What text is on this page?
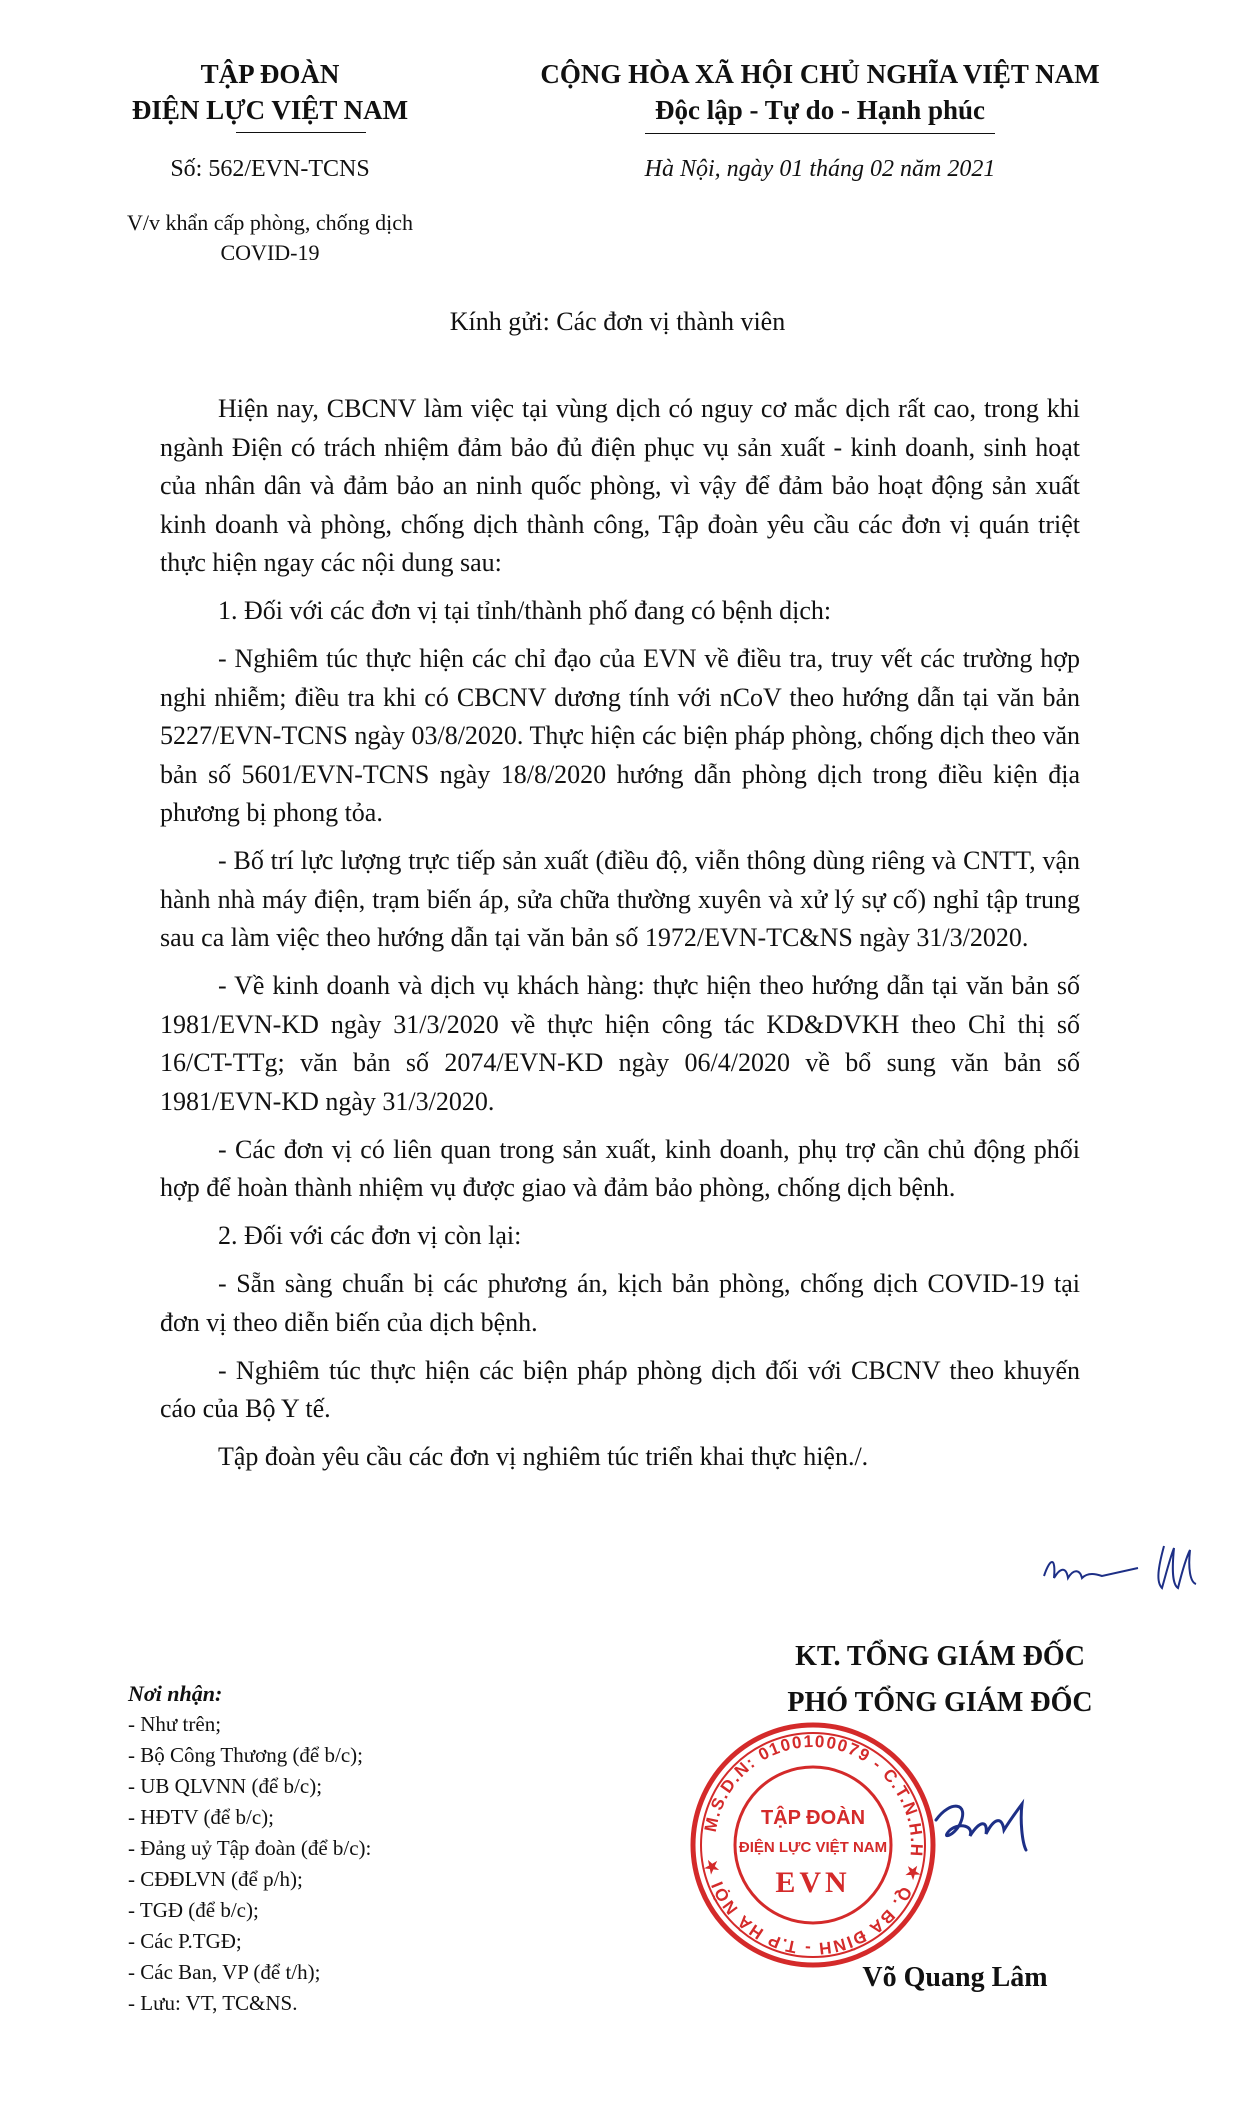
TẬP ĐOÀN
ĐIỆN LỰC VIỆT NAM
CỘNG HÒA XÃ HỘI CHỦ NGHĨA VIỆT NAM
Độc lập - Tự do - Hạnh phúc
Số: 562/EVN-TCNS	Hà Nội, ngày 01 tháng 02 năm 2021
V/v khẩn cấp phòng, chống dịch
COVID-19
Kính gửi: Các đơn vị thành viên

Hiện nay, CBCNV làm việc tại vùng dịch có nguy cơ mắc dịch rất cao, trong khi ngành Điện có trách nhiệm đảm bảo đủ điện phục vụ sản xuất - kinh doanh, sinh hoạt của nhân dân và đảm bảo an ninh quốc phòng, vì vậy để đảm bảo hoạt động sản xuất kinh doanh và phòng, chống dịch thành công, Tập đoàn yêu cầu các đơn vị quán triệt thực hiện ngay các nội dung sau:

1. Đối với các đơn vị tại tỉnh/thành phố đang có bệnh dịch:

- Nghiêm túc thực hiện các chỉ đạo của EVN về điều tra, truy vết các trường hợp nghi nhiễm; điều tra khi có CBCNV dương tính với nCoV theo hướng dẫn tại văn bản 5227/EVN-TCNS ngày 03/8/2020. Thực hiện các biện pháp phòng, chống dịch theo văn bản số 5601/EVN-TCNS ngày 18/8/2020 hướng dẫn phòng dịch trong điều kiện địa phương bị phong tỏa.

- Bố trí lực lượng trực tiếp sản xuất (điều độ, viễn thông dùng riêng và CNTT, vận hành nhà máy điện, trạm biến áp, sửa chữa thường xuyên và xử lý sự cố) nghỉ tập trung sau ca làm việc theo hướng dẫn tại văn bản số 1972/EVN-TC&NS ngày 31/3/2020.

- Về kinh doanh và dịch vụ khách hàng: thực hiện theo hướng dẫn tại văn bản số 1981/EVN-KD ngày 31/3/2020 về thực hiện công tác KD&DVKH theo Chỉ thị số 16/CT-TTg; văn bản số 2074/EVN-KD ngày 06/4/2020 về bổ sung văn bản số 1981/EVN-KD ngày 31/3/2020.

- Các đơn vị có liên quan trong sản xuất, kinh doanh, phụ trợ cần chủ động phối hợp để hoàn thành nhiệm vụ được giao và đảm bảo phòng, chống dịch bệnh.

2. Đối với các đơn vị còn lại:

- Sẵn sàng chuẩn bị các phương án, kịch bản phòng, chống dịch COVID-19 tại đơn vị theo diễn biến của dịch bệnh.

- Nghiêm túc thực hiện các biện pháp phòng dịch đối với CBCNV theo khuyến cáo của Bộ Y tế.

Tập đoàn yêu cầu các đơn vị nghiêm túc triển khai thực hiện./.

KT. TỔNG GIÁM ĐỐC
PHÓ TỔNG GIÁM ĐỐC
Nơi nhận:
- Như trên;
- Bộ Công Thương (để b/c);
- UB QLVNN (để b/c);
- HĐTV (để b/c);
- Đảng uỷ Tập đoàn (để b/c):
- CĐĐLVN (để p/h);
- TGĐ (để b/c);
- Các P.TGĐ;
- Các Ban, VP (để t/h);
- Lưu: VT, TC&NS.
M.S.D.N: 0100100079 - C.T.N.H.H ★ Q. BA ĐÌNH - T.P HÀ NỘI ★
TẬP ĐOÀN
ĐIỆN LỰC VIỆT NAM
EVN
Võ Quang Lâm
